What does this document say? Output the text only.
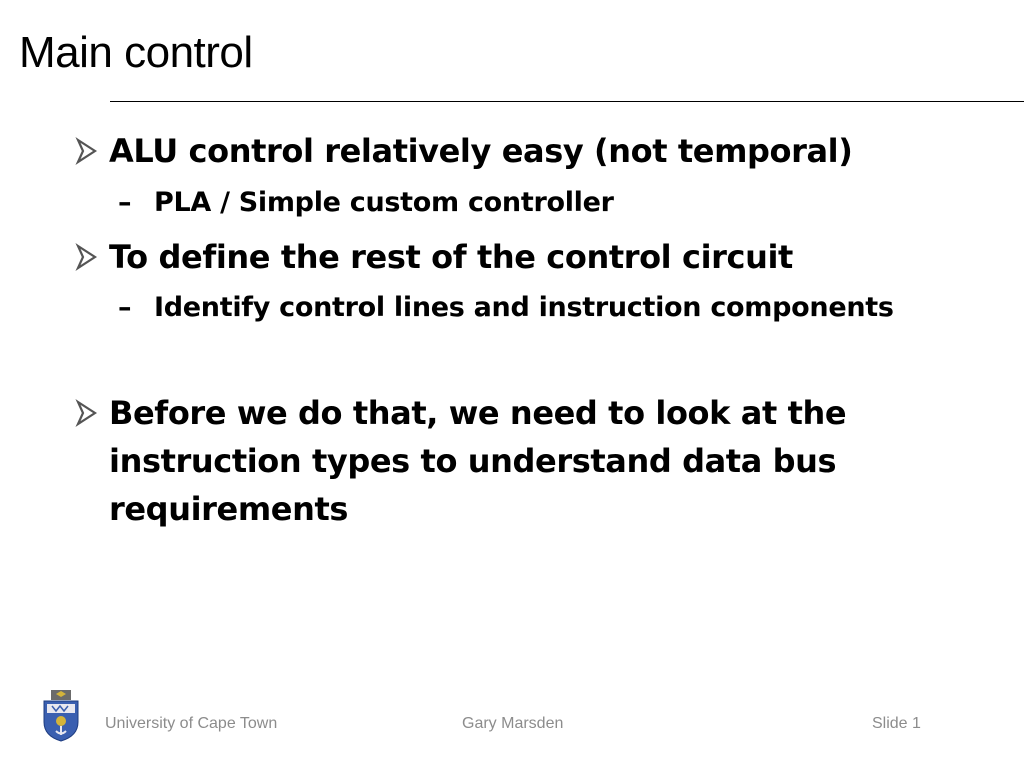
Main control
ALU control relatively easy (not temporal)
– PLA / Simple custom controller
To define the rest of the control circuit
– Identify control lines and instruction components
Before we do that, we need to look at the instruction types to understand data bus requirements
University of Cape Town	Gary Marsden	Slide 1
